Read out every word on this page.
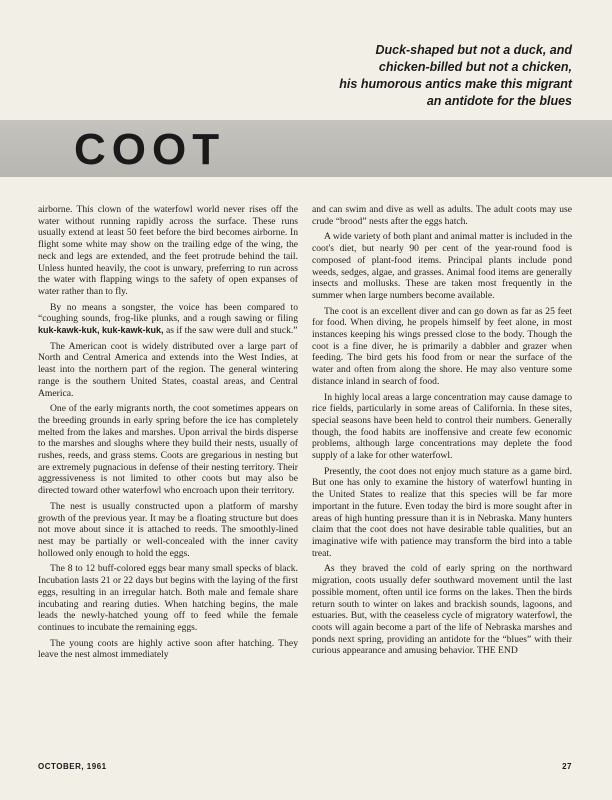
Duck-shaped but not a duck, and
chicken-billed but not a chicken,
his humorous antics make this migrant
an antidote for the blues
COOT

airborne. This clown of the waterfowl world never rises off the water without running rapidly across the surface. These runs usually extend at least 50 feet before the bird becomes airborne. In flight some white may show on the trailing edge of the wing, the neck and legs are extended, and the feet protrude behind the tail. Unless hunted heavily, the coot is unwary, preferring to run across the water with flapping wings to the safety of open expanses of water rather than to fly.

By no means a songster, the voice has been compared to “coughing sounds, frog-like plunks, and a rough sawing or filing kuk-kawk-kuk, kuk-kawk-kuk, as if the saw were dull and stuck.”

The American coot is widely distributed over a large part of North and Central America and extends into the West Indies, at least into the northern part of the region. The general wintering range is the southern United States, coastal areas, and Central America.

One of the early migrants north, the coot sometimes appears on the breeding grounds in early spring before the ice has completely melted from the lakes and marshes. Upon arrival the birds disperse to the marshes and sloughs where they build their nests, usually of rushes, reeds, and grass stems. Coots are gregarious in nesting but are extremely pugnacious in defense of their nesting territory. Their aggressiveness is not limited to other coots but may also be directed toward other waterfowl who encroach upon their territory.

The nest is usually constructed upon a platform of marshy growth of the previous year. It may be a floating structure but does not move about since it is attached to reeds. The smoothly-lined nest may be partially or well-concealed with the inner cavity hollowed only enough to hold the eggs.

The 8 to 12 buff-colored eggs bear many small specks of black. Incubation lasts 21 or 22 days but begins with the laying of the first eggs, resulting in an irregular hatch. Both male and female share incubating and rearing duties. When hatching begins, the male leads the newly-hatched young off to feed while the female continues to incubate the remaining eggs.

The young coots are highly active soon after hatching. They leave the nest almost immediately

and can swim and dive as well as adults. The adult coots may use crude “brood” nests after the eggs hatch.

A wide variety of both plant and animal matter is included in the coot's diet, but nearly 90 per cent of the year-round food is composed of plant-food items. Principal plants include pond weeds, sedges, algae, and grasses. Animal food items are generally insects and mollusks. These are taken most frequently in the summer when large numbers become available.

The coot is an excellent diver and can go down as far as 25 feet for food. When diving, he propels himself by feet alone, in most instances keeping his wings pressed close to the body. Though the coot is a fine diver, he is primarily a dabbler and grazer when feeding. The bird gets his food from or near the surface of the water and often from along the shore. He may also venture some distance inland in search of food.

In highly local areas a large concentration may cause damage to rice fields, particularly in some areas of California. In these sites, special seasons have been held to control their numbers. Generally though, the food habits are inoffensive and create few economic problems, although large concentrations may deplete the food supply of a lake for other waterfowl.

Presently, the coot does not enjoy much stature as a game bird. But one has only to examine the history of waterfowl hunting in the United States to realize that this species will be far more important in the future. Even today the bird is more sought after in areas of high hunting pressure than it is in Nebraska. Many hunters claim that the coot does not have desirable table qualities, but an imaginative wife with patience may transform the bird into a table treat.

As they braved the cold of early spring on the northward migration, coots usually defer southward movement until the last possible moment, often until ice forms on the lakes. Then the birds return south to winter on lakes and brackish sounds, lagoons, and estuaries. But, with the ceaseless cycle of migratory waterfowl, the coots will again become a part of the life of Nebraska marshes and ponds next spring, providing an antidote for the “blues” with their curious appearance and amusing behavior. THE END

OCTOBER, 1961	27
